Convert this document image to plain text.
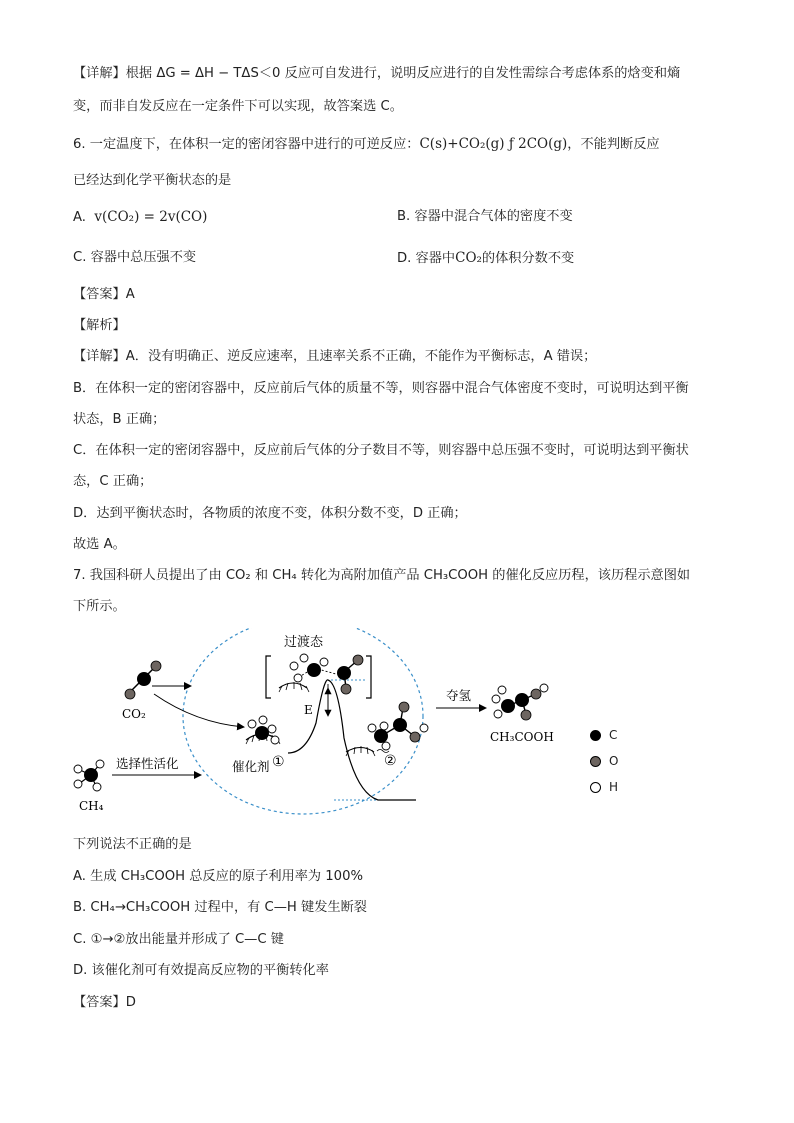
【详解】根据 ΔG = ΔH − TΔS＜0 反应可自发进行，说明反应进行的自发性需综合考虑体系的焓变和熵
变，而非自发反应在一定条件下可以实现，故答案选 C。
6. 一定温度下，在体积一定的密闭容器中进行的可逆反应：C(s)+CO₂(g) ƒ 2CO(g)，不能判断反应
已经达到化学平衡状态的是
A. v(CO₂) = 2v(CO)	B. 容器中混合气体的密度不变
C. 容器中总压强不变	D. 容器中CO₂的体积分数不变
【答案】A
【解析】
【详解】A．没有明确正、逆反应速率，且速率关系不正确，不能作为平衡标志，A 错误；
B．在体积一定的密闭容器中，反应前后气体的质量不等，则容器中混合气体密度不变时，可说明达到平衡
状态，B 正确；
C．在体积一定的密闭容器中，反应前后气体的分子数目不等，则容器中总压强不变时，可说明达到平衡状
态，C 正确；
D．达到平衡状态时，各物质的浓度不变，体积分数不变，D 正确；
故选 A。
7. 我国科研人员提出了由 CO₂ 和 CH₄ 转化为高附加值产品 CH₃COOH 的催化反应历程，该历程示意图如
下所示。
CO₂
CH₄
选择性活化	催化剂 ①
E
过渡态
②
夺氢
CH₃COOH	C
O
H
下列说法不正确的是
A. 生成 CH₃COOH 总反应的原子利用率为 100%
B. CH₄→CH₃COOH 过程中，有 C—H 键发生断裂
C. ①→②放出能量并形成了 C—C 键
D. 该催化剂可有效提高反应物的平衡转化率
【答案】D
